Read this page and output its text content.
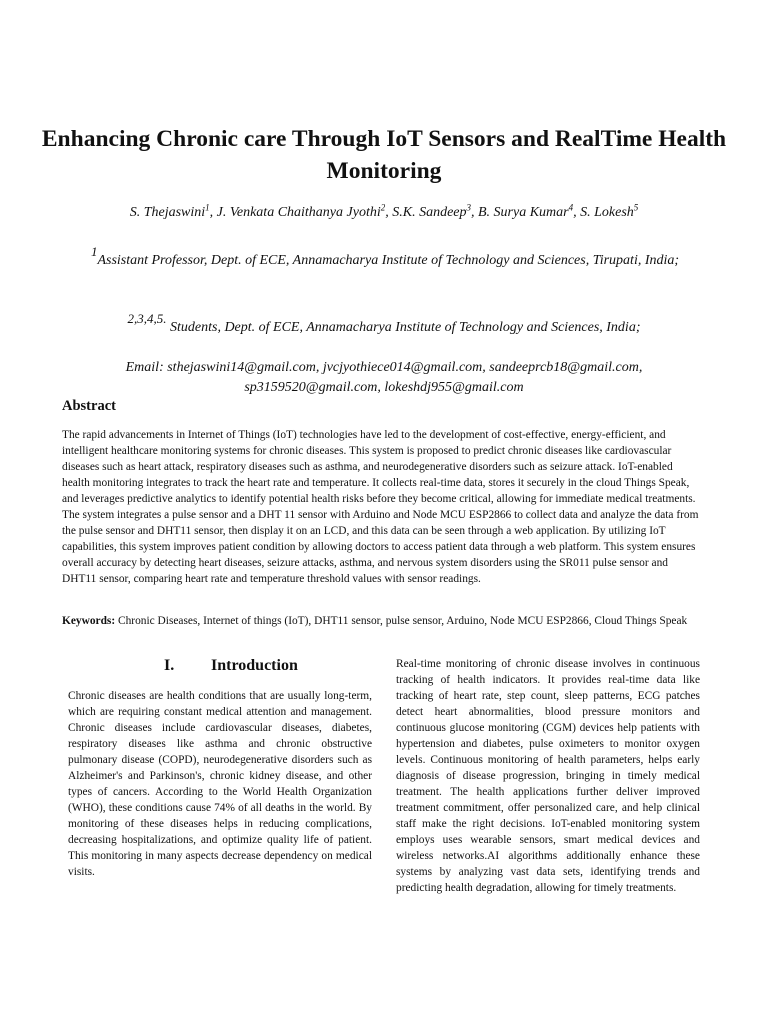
Enhancing Chronic care Through IoT Sensors and RealTime Health Monitoring
S. Thejaswini$^1$, J. Venkata Chaithanya Jyothi$^2$, S.K. Sandeep$^3$, B. Surya Kumar$^4$, S. Lokesh$^5$
1Assistant Professor, Dept. of ECE, Annamacharya Institute of Technology and Sciences, Tirupati, India;
2,3,4,5. Students, Dept. of ECE, Annamacharya Institute of Technology and Sciences, India;
Email: sthejaswini14@gmail.com, jvcjyothiece014@gmail.com, sandeeprcb18@gmail.com, sp3159520@gmail.com, lokeshdj955@gmail.com
Abstract
The rapid advancements in Internet of Things (IoT) technologies have led to the development of cost-effective, energy-efficient, and intelligent healthcare monitoring systems for chronic diseases. This system is proposed to predict chronic diseases like cardiovascular diseases such as heart attack, respiratory diseases such as asthma, and neurodegenerative disorders such as seizure attack. IoT-enabled health monitoring integrates to track the heart rate and temperature. It collects real-time data, stores it securely in the cloud Things Speak, and leverages predictive analytics to identify potential health risks before they become critical, allowing for immediate medical treatments. The system integrates a pulse sensor and a DHT 11 sensor with Arduino and Node MCU ESP2866 to collect data and analyze the data from the pulse sensor and DHT11 sensor, then display it on an LCD, and this data can be seen through a web application. By utilizing IoT capabilities, this system improves patient condition by allowing doctors to access patient data through a web platform. This system ensures overall accuracy by detecting heart diseases, seizure attacks, asthma, and nervous system disorders using the SR011 pulse sensor and DHT11 sensor, comparing heart rate and temperature threshold values with sensor readings.
Keywords: Chronic Diseases, Internet of things (IoT), DHT11 sensor, pulse sensor, Arduino, Node MCU ESP2866, Cloud Things Speak
I. Introduction
Chronic diseases are health conditions that are usually long-term, which are requiring constant medical attention and management. Chronic diseases include cardiovascular diseases, diabetes, respiratory diseases like asthma and chronic obstructive pulmonary disease (COPD), neurodegenerative disorders such as Alzheimer's and Parkinson's, chronic kidney disease, and other types of cancers. According to the World Health Organization (WHO), these conditions cause 74% of all deaths in the world. By monitoring of these diseases helps in reducing complications, decreasing hospitalizations, and optimize quality life of patient. This monitoring in many aspects decrease dependency on medical visits.
Real-time monitoring of chronic disease involves in continuous tracking of health indicators. It provides real-time data like tracking of heart rate, step count, sleep patterns, ECG patches detect heart abnormalities, blood pressure monitors and continuous glucose monitoring (CGM) devices help patients with hypertension and diabetes, pulse oximeters to monitor oxygen levels. Continuous monitoring of health parameters, helps early diagnosis of disease progression, bringing in timely medical treatment. The health applications further deliver improved treatment commitment, offer personalized care, and help clinical staff make the right decisions. IoT-enabled monitoring system employs uses wearable sensors, smart medical devices and wireless networks.AI algorithms additionally enhance these systems by analyzing vast data sets, identifying trends and predicting health degradation, allowing for timely treatments.
